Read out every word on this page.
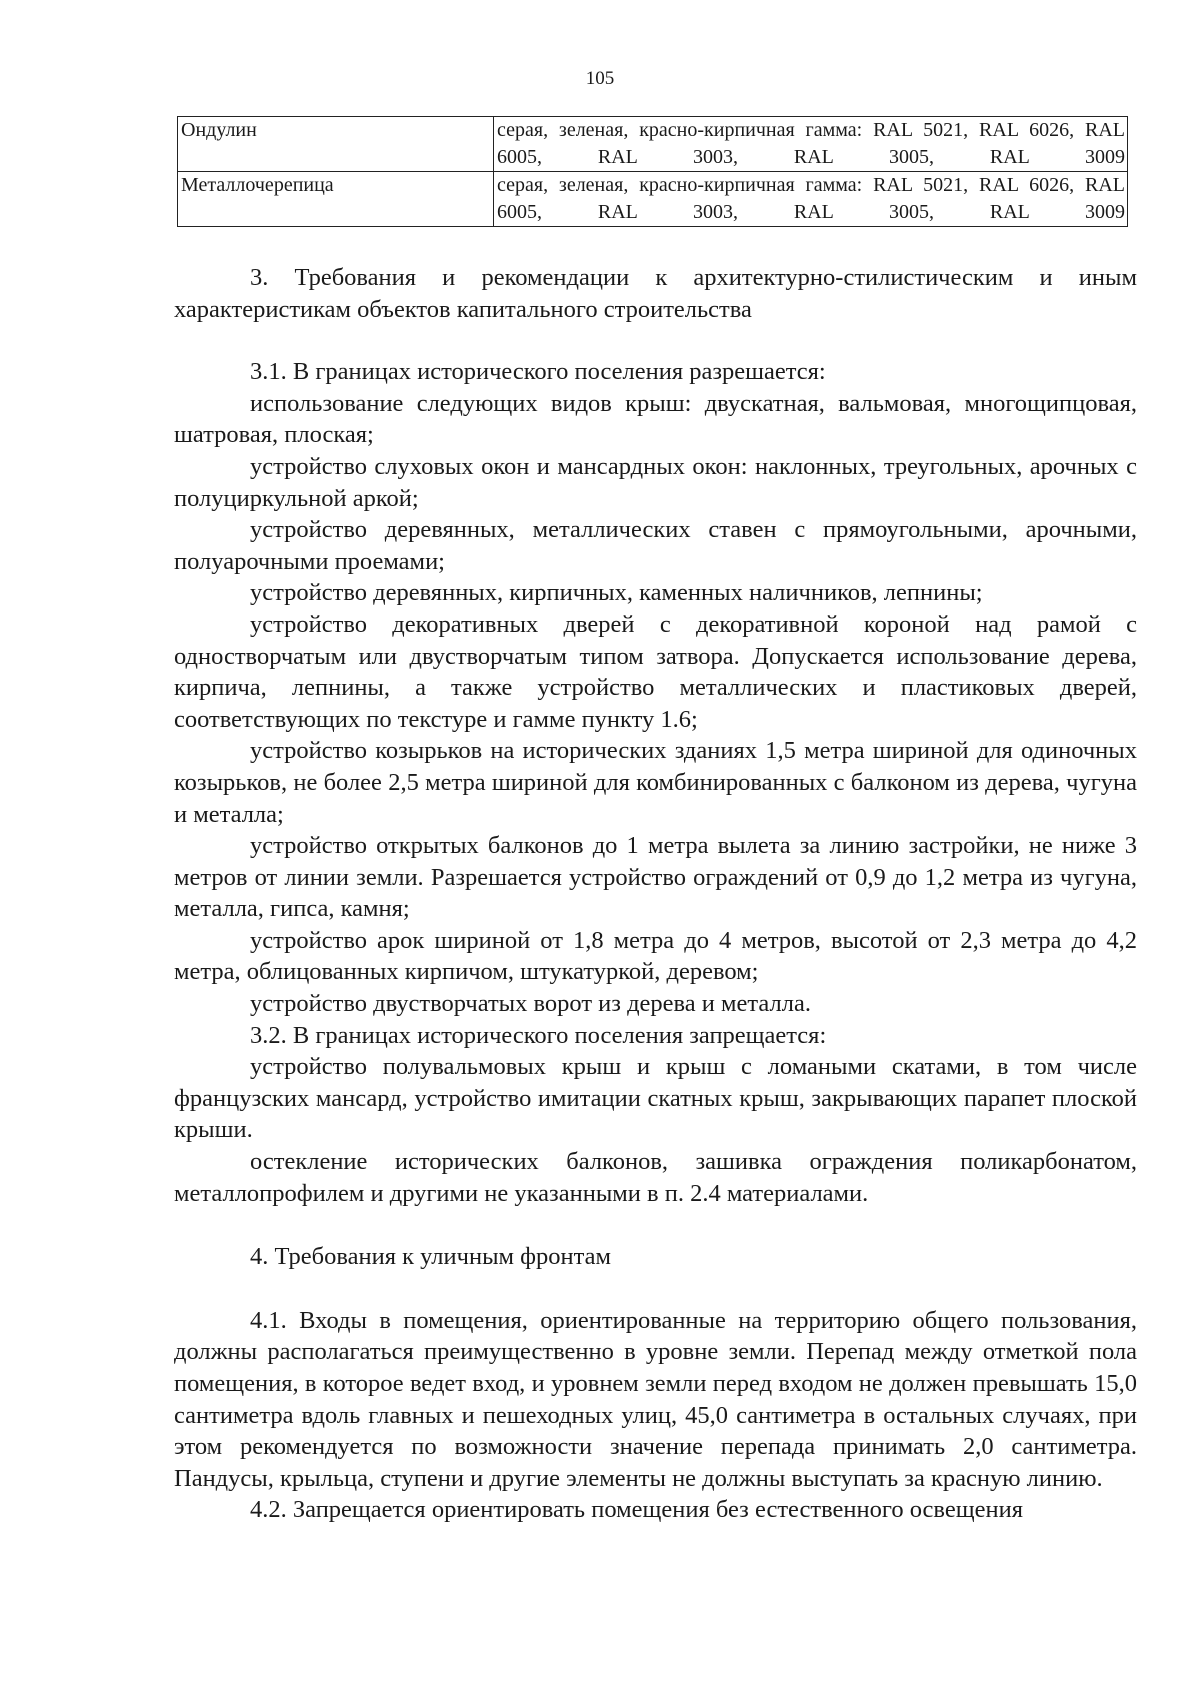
105
Ондулин	серая, зеленая, красно-кирпичная гамма: RAL 5021, RAL 6026, RAL 6005, RAL 3003, RAL 3005, RAL 3009
Металлочерепица	серая, зеленая, красно-кирпичная гамма: RAL 5021, RAL 6026, RAL 6005, RAL 3003, RAL 3005, RAL 3009

3. Требования и рекомендации к архитектурно-стилистическим и иным характеристикам объектов капитального строительства

3.1. В границах исторического поселения разрешается:

использование следующих видов крыш: двускатная, вальмовая, многощипцовая, шатровая, плоская;

устройство слуховых окон и мансардных окон: наклонных, треугольных, арочных с полуциркульной аркой;

устройство деревянных, металлических ставен с прямоугольными, арочными, полуарочными проемами;

устройство деревянных, кирпичных, каменных наличников, лепнины;

устройство декоративных дверей с декоративной короной над рамой с одностворчатым или двустворчатым типом затвора. Допускается использование дерева, кирпича, лепнины, а также устройство металлических и пластиковых дверей, соответствующих по текстуре и гамме пункту 1.6;

устройство козырьков на исторических зданиях 1,5 метра шириной для одиночных козырьков, не более 2,5 метра шириной для комбинированных с балконом из дерева, чугуна и металла;

устройство открытых балконов до 1 метра вылета за линию застройки, не ниже 3 метров от линии земли. Разрешается устройство ограждений от 0,9 до 1,2 метра из чугуна, металла, гипса, камня;

устройство арок шириной от 1,8 метра до 4 метров, высотой от 2,3 метра до 4,2 метра, облицованных кирпичом, штукатуркой, деревом;

устройство двустворчатых ворот из дерева и металла.

3.2. В границах исторического поселения запрещается:

устройство полувальмовых крыш и крыш с ломаными скатами, в том числе французских мансард, устройство имитации скатных крыш, закрывающих парапет плоской крыши.

остекление исторических балконов, зашивка ограждения поликарбонатом, металлопрофилем и другими не указанными в п. 2.4 материалами.

4. Требования к уличным фронтам

4.1. Входы в помещения, ориентированные на территорию общего пользования, должны располагаться преимущественно в уровне земли. Перепад между отметкой пола помещения, в которое ведет вход, и уровнем земли перед входом не должен превышать 15,0 сантиметра вдоль главных и пешеходных улиц, 45,0 сантиметра в остальных случаях, при этом рекомендуется по возможности значение перепада принимать 2,0 сантиметра. Пандусы, крыльца, ступени и другие элементы не должны выступать за красную линию.

4.2. Запрещается ориентировать помещения без естественного освещения
